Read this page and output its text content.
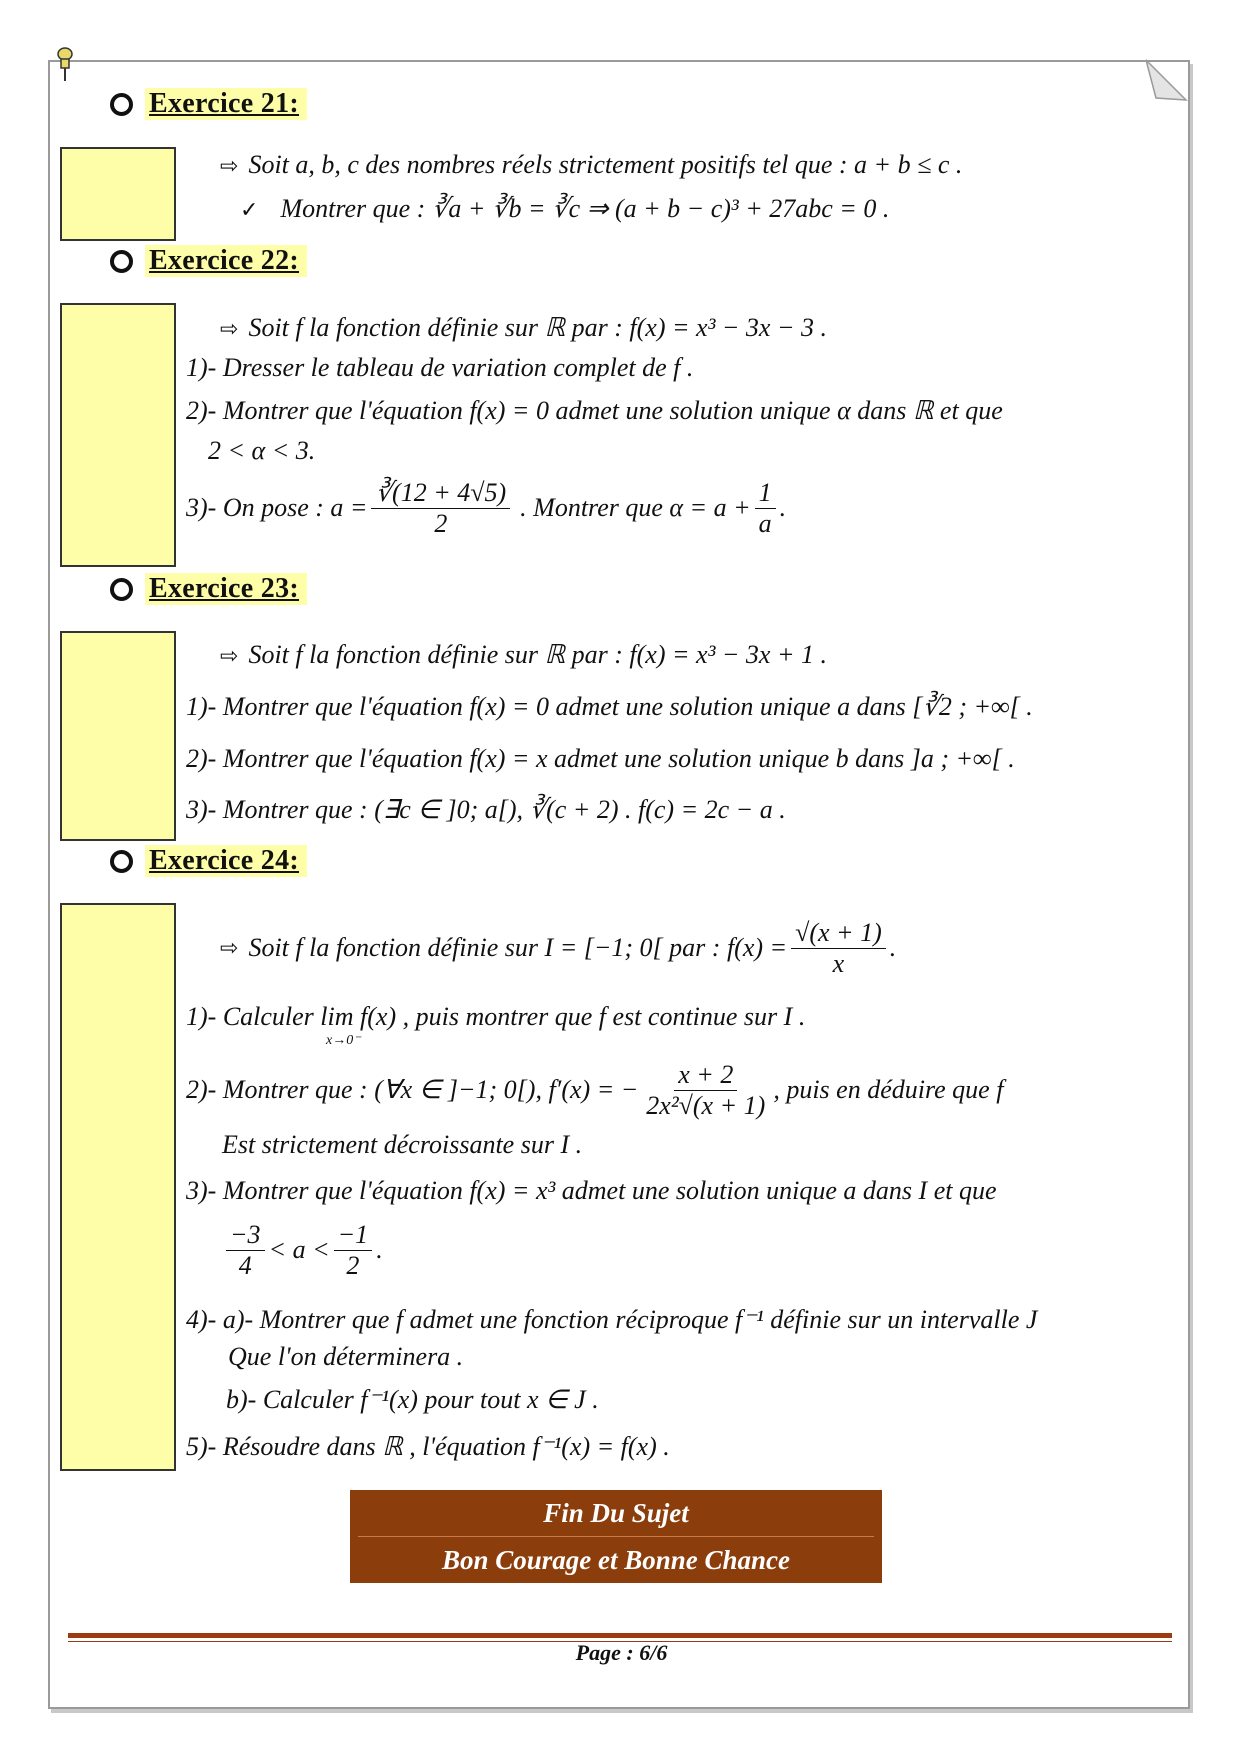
Exercice 21:
⇨ Soit a, b, c des nombres réels strictement positifs tel que : a + b ≤ c .
✓ Montrer que : ∛a + ∛b = ∛c ⇒ (a + b − c)³ + 27abc = 0 .
Exercice 22:
⇨ Soit f la fonction définie sur ℝ par : f(x) = x³ − 3x − 3 .
1)- Dresser le tableau de variation complet de f .
2)- Montrer que l'équation f(x) = 0 admet une solution unique α dans ℝ et que
2 < α < 3.
3)- On pose : $a = \frac{∛(12 + 4√5)}{2}$ . Montrer que $\alpha = a + \frac{1}{a}$ .
Exercice 23:
⇨ Soit f la fonction définie sur ℝ par : f(x) = x³ − 3x + 1 .
1)- Montrer que l'équation f(x) = 0 admet une solution unique a dans [∛2 ; +∞[ .
2)- Montrer que l'équation f(x) = x admet une solution unique b dans ]a ; +∞[ .
3)- Montrer que : (∃c ∈ ]0; a[), ∛(c + 2) . f(c) = 2c − a .
Exercice 24:
⇨ Soit f la fonction définie sur I = [−1; 0[ par : $f(x) = \frac{√(x + 1)}{x}$ .
1)- Calculer lim f(x) , puis montrer que f est continue sur I .
x→0⁻
2)- Montrer que : (∀x ∈ ]−1; 0[), f′(x) = − $\frac{x + 2}{\text{2x²√(x + 1)}}$ , puis en déduire que f
Est strictement décroissante sur I .
3)- Montrer que l'équation f(x) = x³ admet une solution unique a dans I et que
$\frac{-3}{4} < a < \frac{-1}{2}$ .
4)- a)- Montrer que f admet une fonction réciproque f⁻¹ définie sur un intervalle J
Que l'on déterminera .
b)- Calculer f⁻¹(x) pour tout x ∈ J .
5)- Résoudre dans ℝ , l'équation f⁻¹(x) = f(x) .
Fin Du Sujet
Bon Courage et Bonne Chance
Page : 6/6
